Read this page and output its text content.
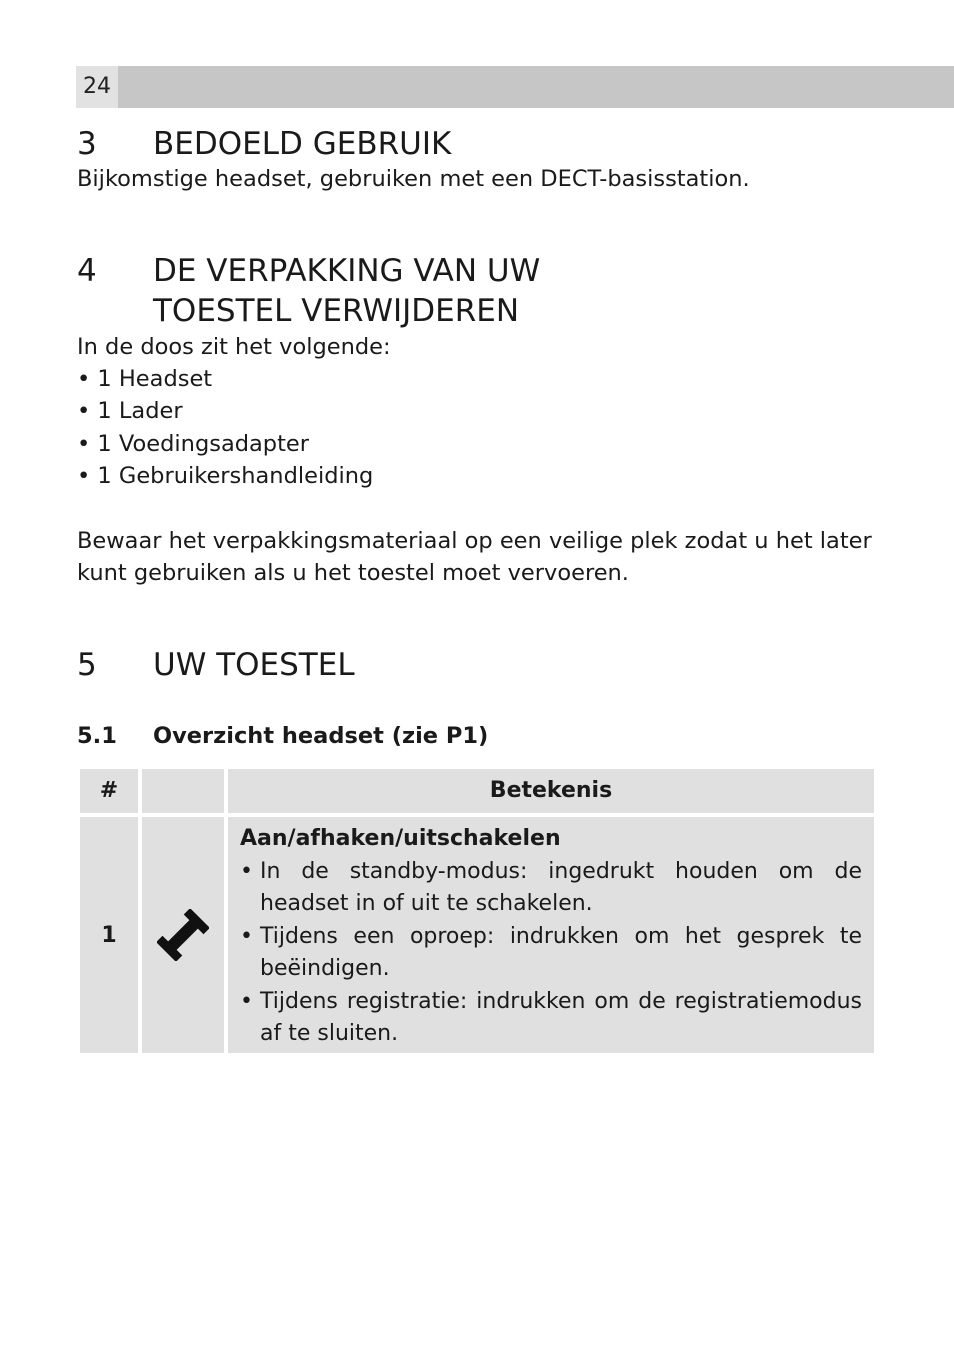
24
3 BEDOELD GEBRUIK
Bijkomstige headset, gebruiken met een DECT-basisstation.
4 DE VERPAKKING VAN UW
TOESTEL VERWIJDEREN
In de doos zit het volgende:
• 1 Headset
• 1 Lader
• 1 Voedingsadapter
• 1 Gebruikershandleiding
Bewaar het verpakkingsmateriaal op een veilige plek zodat u het later
kunt gebruiken als u het toestel moet vervoeren.
5 UW TOESTEL
5.1 Overzicht headset (zie P1)
#	Betekenis
1
Aan/afhaken/uitschakelen
• In de standby-modus: ingedrukt houden om de headset in of uit te schakelen.
• Tijdens een oproep: indrukken om het gesprek te beëindigen.
• Tijdens registratie: indrukken om de registratiemodus af te sluiten.
